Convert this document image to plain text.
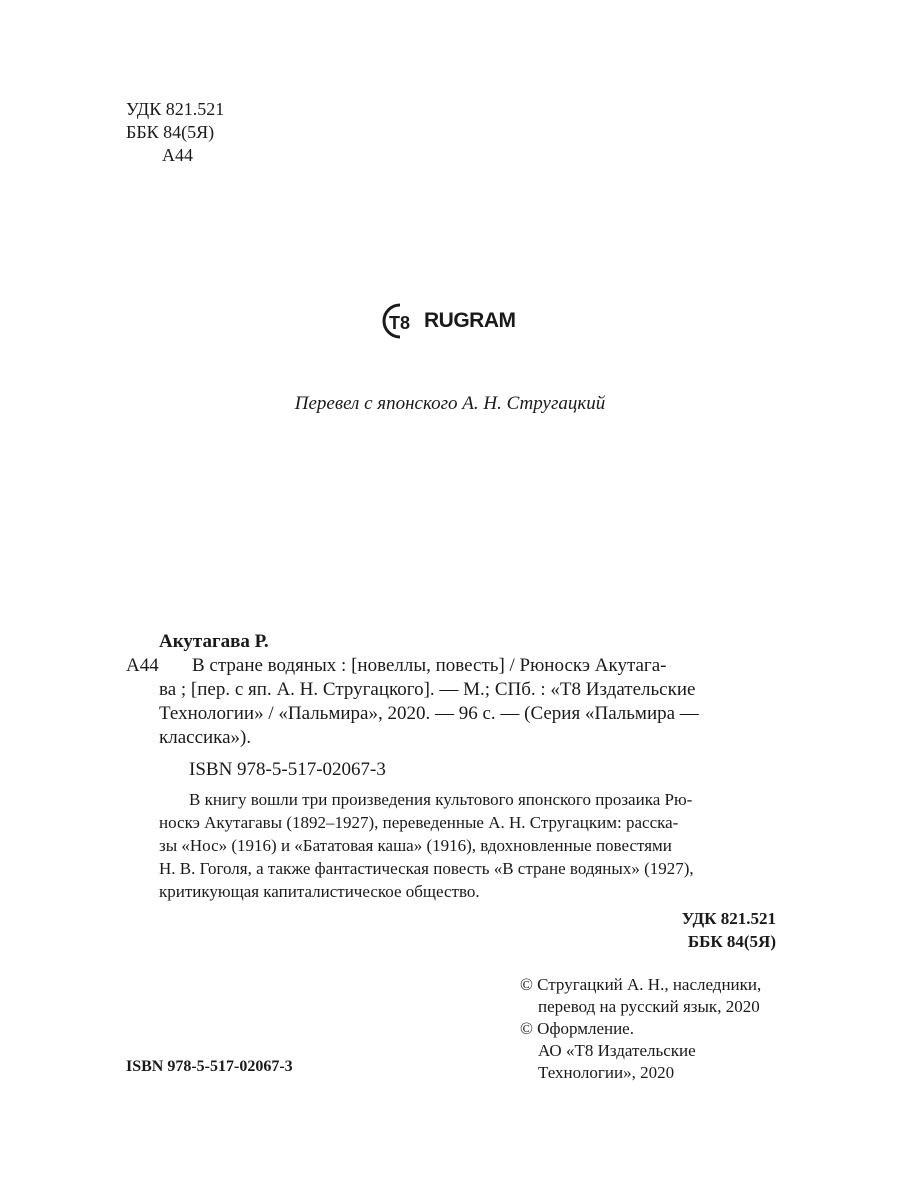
УДК 821.521
ББК 84(5Я)
А44
T8 RUGRAM
Перевел с японского А. Н. Стругацкий
Акутагава Р.
А44	В стране водяных : [новеллы, повесть] / Рюноскэ Акутага-
ва ; [пер. с яп. А. Н. Стругацкого]. — М.; СПб. : «Т8 Издательские
Технологии» / «Пальмира», 2020. — 96 с. — (Серия «Пальмира —
классика»).
ISBN 978-5-517-02067-3
В книгу вошли три произведения культового японского прозаика Рю-
носкэ Акутагавы (1892–1927), переведенные А. Н. Стругацким: расска-
зы «Нос» (1916) и «Бататовая каша» (1916), вдохновленные повестями
Н. В. Гоголя, а также фантастическая повесть «В стране водяных» (1927),
критикующая капиталистическое общество.
УДК 821.521
ББК 84(5Я)
© Стругацкий А. Н., наследники,
перевод на русский язык, 2020
© Оформление.
АО «Т8 Издательские
Технологии», 2020
ISBN 978-5-517-02067-3
